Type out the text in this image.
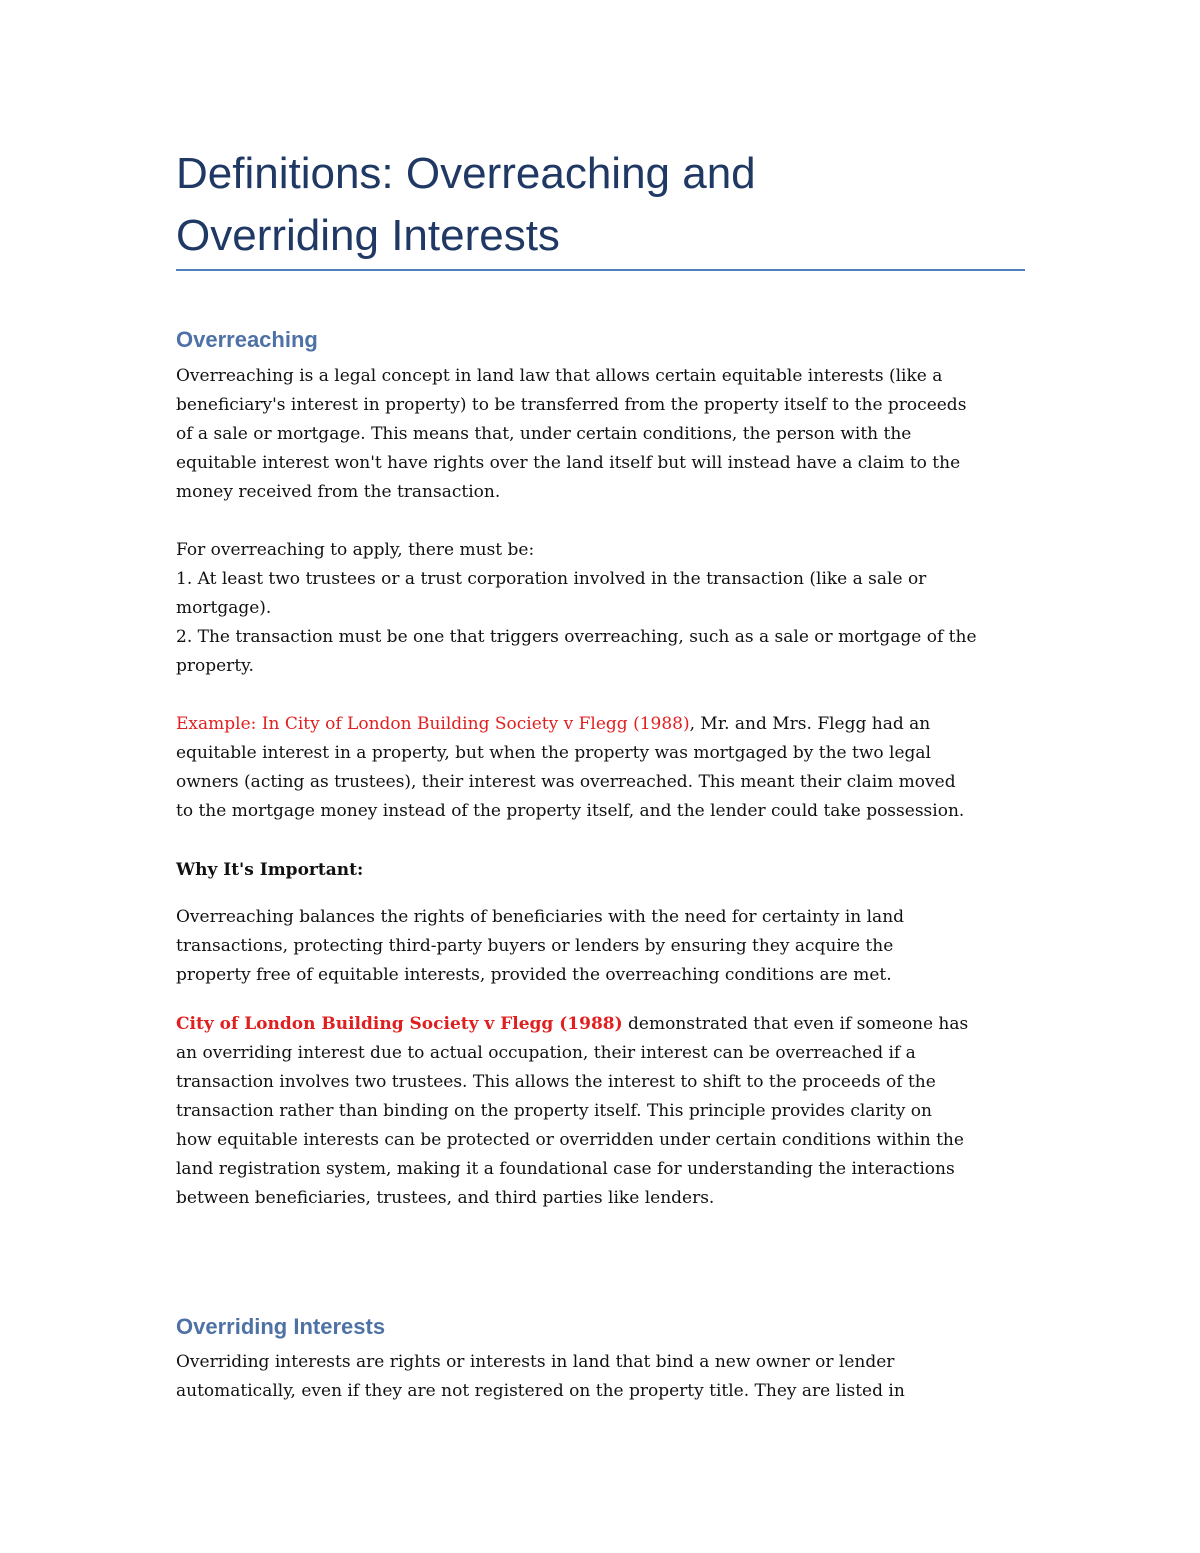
Definitions: Overreaching and
Overriding Interests
Overreaching
Overreaching is a legal concept in land law that allows certain equitable interests (like a
beneficiary's interest in property) to be transferred from the property itself to the proceeds
of a sale or mortgage. This means that, under certain conditions, the person with the
equitable interest won't have rights over the land itself but will instead have a claim to the
money received from the transaction.
For overreaching to apply, there must be:
1. At least two trustees or a trust corporation involved in the transaction (like a sale or
mortgage).
2. The transaction must be one that triggers overreaching, such as a sale or mortgage of the
property.
Example: In City of London Building Society v Flegg (1988), Mr. and Mrs. Flegg had an
equitable interest in a property, but when the property was mortgaged by the two legal
owners (acting as trustees), their interest was overreached. This meant their claim moved
to the mortgage money instead of the property itself, and the lender could take possession.
Why It's Important:
Overreaching balances the rights of beneficiaries with the need for certainty in land
transactions, protecting third-party buyers or lenders by ensuring they acquire the
property free of equitable interests, provided the overreaching conditions are met.
City of London Building Society v Flegg (1988) demonstrated that even if someone has
an overriding interest due to actual occupation, their interest can be overreached if a
transaction involves two trustees. This allows the interest to shift to the proceeds of the
transaction rather than binding on the property itself. This principle provides clarity on
how equitable interests can be protected or overridden under certain conditions within the
land registration system, making it a foundational case for understanding the interactions
between beneficiaries, trustees, and third parties like lenders.
Overriding Interests
Overriding interests are rights or interests in land that bind a new owner or lender
automatically, even if they are not registered on the property title. They are listed in
